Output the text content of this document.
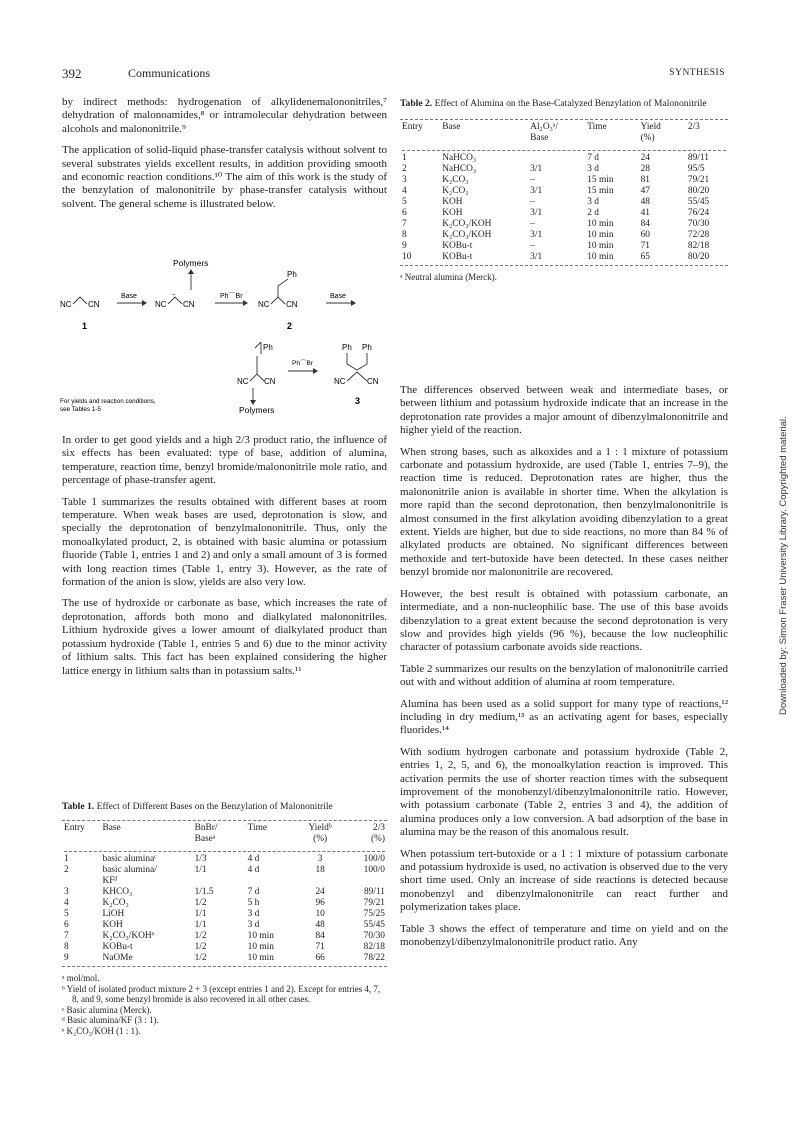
392	Communications	SYNTHESIS

by indirect methods: hydrogenation of alkylidenemalononitriles,⁷ dehydration of malonoamides,⁸ or intramolecular dehydration between alcohols and malononitrile.⁹

The application of solid-liquid phase-transfer catalysis without solvent to several substrates yields excellent results, in addition providing smooth and economic reaction conditions.¹⁰ The aim of this work is the study of the benzylation of malononitrile by phase-transfer catalysis without solvent. The general scheme is illustrated below.

Polymers
NC CN
1
Base
NC
–
CN
Ph⌒Br
NC
Ph
CN
2
Base
Ph
NC CN
Polymers
Ph⌒Br
Ph Ph
NC	CN
3
For yields and reaction conditions,
see Tables 1-5

In order to get good yields and a high 2/3 product ratio, the influence of six effects has been evaluated: type of base, addition of alumina, temperature, reaction time, benzyl bromide/malononitrile mole ratio, and percentage of phase-transfer agent.

Table 1 summarizes the results obtained with different bases at room temperature. When weak bases are used, deprotonation is slow, and specially the deprotonation of benzylmalononitrile. Thus, only the monoalkylated product, 2, is obtained with basic alumina or potassium fluoride (Table 1, entries 1 and 2) and only a small amount of 3 is formed with long reaction times (Table 1, entry 3). However, as the rate of formation of the anion is slow, yields are also very low.

The use of hydroxide or carbonate as base, which increases the rate of deprotonation, affords both mono and dialkylated malononitriles. Lithium hydroxide gives a lower amount of dialkylated product than potassium hydroxide (Table 1, entries 5 and 6) due to the minor activity of lithium salts. This fact has been explained considering the higher lattice energy in lithium salts than in potassium salts.¹¹

Table 1. Effect of Different Bases on the Benzylation of Malononitrile
Entry	Base	BnBr/
Baseᵃ	Time	Yieldᵇ
(%)	2/3
(%)

1	basic aluminaᶜ	1/3	4 d	3	100/0
2	basic alumina/
KFᵈ	1/1	4 d	18	100/0
3	KHCO₃	1/1.5	7 d	24	89/11
4	K₂CO₃	1/2	5 h	96	79/21
5	LiOH	1/1	3 d	10	75/25
6	KOH	1/1	3 d	48	55/45
7	K₂CO₃/KOHᵉ	1/2	10 min	84	70/30
8	KOBu-t	1/2	10 min	71	82/18
9	NaOMe	1/2	10 min	66	78/22
ᵃ mol/mol.
ᵇ Yield of isolated product mixture 2 + 3 (except entries 1 and 2). Except for entries 4, 7, 8, and 9, some benzyl bromide is also recovered in all other cases.
ᶜ Basic alumina (Merck).
ᵈ Basic alumina/KF (3 : 1).
ᵉ K₂CO₃/KOH (1 : 1).
Table 2. Effect of Alumina on the Base-Catalyzed Benzylation of Malononitrile
Entry	Base	Al₂O₃ᵃ/
Base	Time	Yield
(%)	2/3

1	NaHCO₃		7 d	24	89/11
2	NaHCO₃	3/1	3 d	28	95/5
3	K₂CO₃	–	15 min	81	79/21
4	K₂CO₃	3/1	15 min	47	80/20
5	KOH	–	3 d	48	55/45
6	KOH	3/1	2 d	41	76/24
7	K₂CO₃/KOH	–	10 min	84	70/30
8	K₂CO₃/KOH	3/1	10 min	60	72/28
9	KOBu-t	–	10 min	71	82/18
10	KOBu-t	3/1	10 min	65	80/20
ᵃ Neutral alumina (Merck).

The differences observed between weak and intermediate bases, or between lithium and potassium hydroxide indicate that an increase in the deprotonation rate provides a major amount of dibenzylmalononitrile and higher yield of the reaction.

When strong bases, such as alkoxides and a 1 : 1 mixture of potassium carbonate and potassium hydroxide, are used (Table 1, entries 7–9), the reaction time is reduced. Deprotonation rates are higher, thus the malononitrile anion is available in shorter time. When the alkylation is more rapid than the second deprotonation, then benzylmalononitrile is almost consumed in the first alkylation avoiding dibenzylation to a great extent. Yields are higher, but due to side reactions, no more than 84 % of alkylated products are obtained. No significant differences between methoxide and tert-butoxide have been detected. In these cases neither benzyl bromide nor malononitrile are recovered.

However, the best result is obtained with potassium carbonate, an intermediate, and a non-nucleophilic base. The use of this base avoids dibenzylation to a great extent because the second deprotonation is very slow and provides high yields (96 %), because the low nucleophilic character of potassium carbonate avoids side reactions.

Table 2 summarizes our results on the benzylation of malononitrile carried out with and without addition of alumina at room temperature.

Alumina has been used as a solid support for many type of reactions,¹² including in dry medium,¹³ as an activating agent for bases, especially fluorides.¹⁴

With sodium hydrogen carbonate and potassium hydroxide (Table 2, entries 1, 2, 5, and 6), the monoalkylation reaction is improved. This activation permits the use of shorter reaction times with the subsequent improvement of the monobenzyl/dibenzylmalononitrile ratio. However, with potassium carbonate (Table 2, entries 3 and 4), the addition of alumina produces only a low conversion. A bad adsorption of the base in alumina may be the reason of this anomalous result.

When potassium tert-butoxide or a 1 : 1 mixture of potassium carbonate and potassium hydroxide is used, no activation is observed due to the very short time used. Only an increase of side reactions is detected because monobenzyl and dibenzylmalononitrile can react further and polymerization takes place.

Table 3 shows the effect of temperature and time on yield and on the monobenzyl/dibenzylmalononitrile product ratio. Any

Downloaded by: Simon Fraser University Library. Copyrighted material.
